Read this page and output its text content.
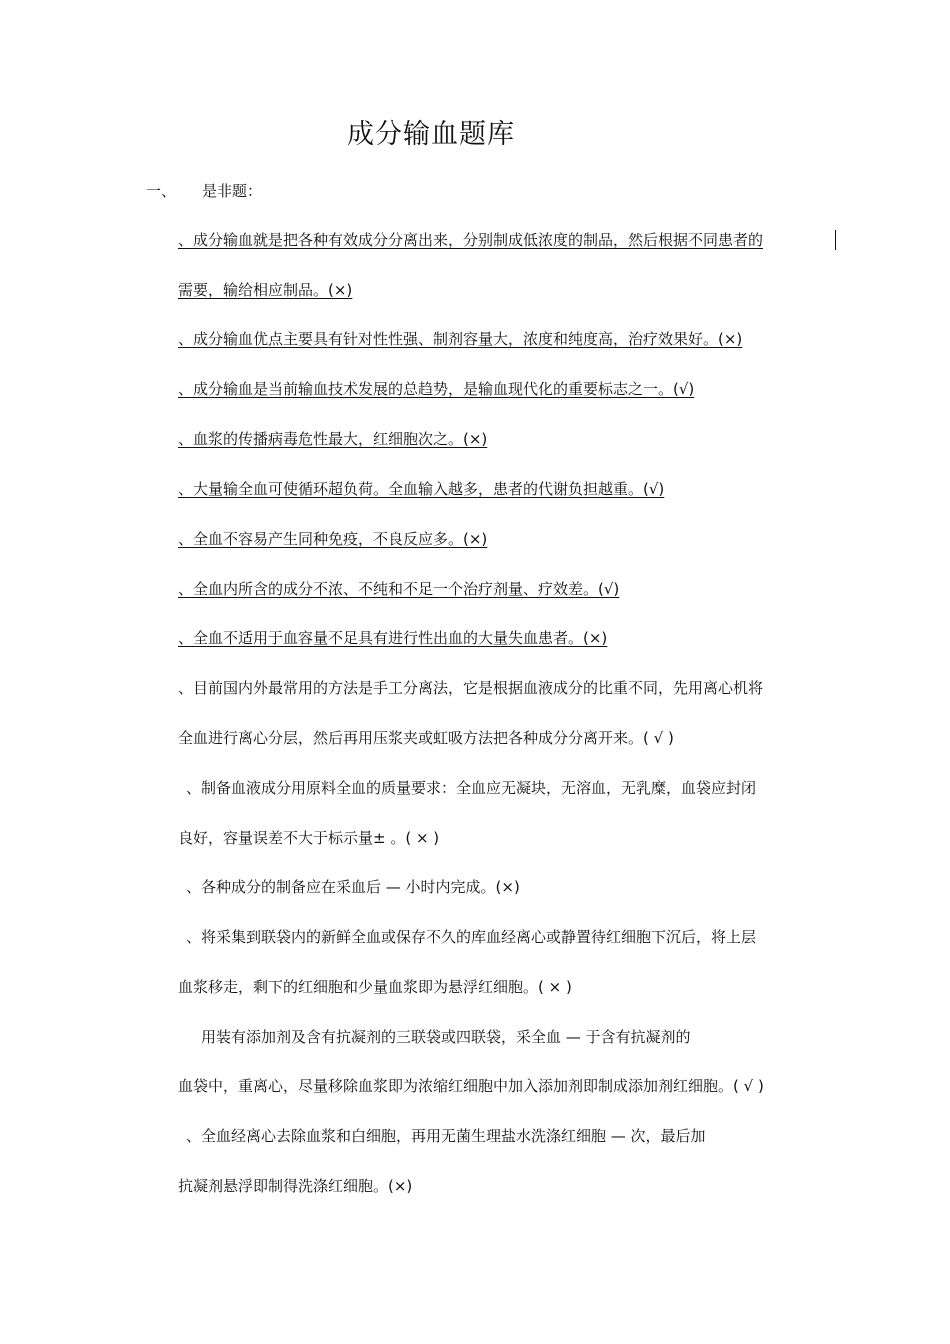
成分输血题库
一、 是非题：
、成分输血就是把各种有效成分分离出来，分别制成低浓度的制品，然后根据不同患者的
需要，输给相应制品。(×)
、成分输血优点主要具有针对性性强、制剂容量大，浓度和纯度高，治疗效果好。(×)
、成分输血是当前输血技术发展的总趋势，是输血现代化的重要标志之一。(√)
、血浆的传播病毒危性最大，红细胞次之。(×)
、大量输全血可使循环超负荷。全血输入越多，患者的代谢负担越重。(√)
、全血不容易产生同种免疫，不良反应多。(×)
、全血内所含的成分不浓、不纯和不足一个治疗剂量、疗效差。(√)
、全血不适用于血容量不足具有进行性出血的大量失血患者。(×)
、目前国内外最常用的方法是手工分离法，它是根据血液成分的比重不同，先用离心机将
全血进行离心分层，然后再用压浆夹或虹吸方法把各种成分分离开来。( √ )
、制备血液成分用原料全血的质量要求：全血应无凝块，无溶血，无乳糜，血袋应封闭
良好，容量误差不大于标示量± 。( × )
、各种成分的制备应在采血后 — 小时内完成。(×)
、将采集到联袋内的新鲜全血或保存不久的库血经离心或静置待红细胞下沉后，将上层
血浆移走，剩下的红细胞和少量血浆即为悬浮红细胞。( × )
用装有添加剂及含有抗凝剂的三联袋或四联袋，采全血 — 于含有抗凝剂的
血袋中，重离心，尽量移除血浆即为浓缩红细胞中加入添加剂即制成添加剂红细胞。( √ )
、全血经离心去除血浆和白细胞，再用无菌生理盐水洗涤红细胞 — 次，最后加
抗凝剂悬浮即制得洗涤红细胞。(×)
